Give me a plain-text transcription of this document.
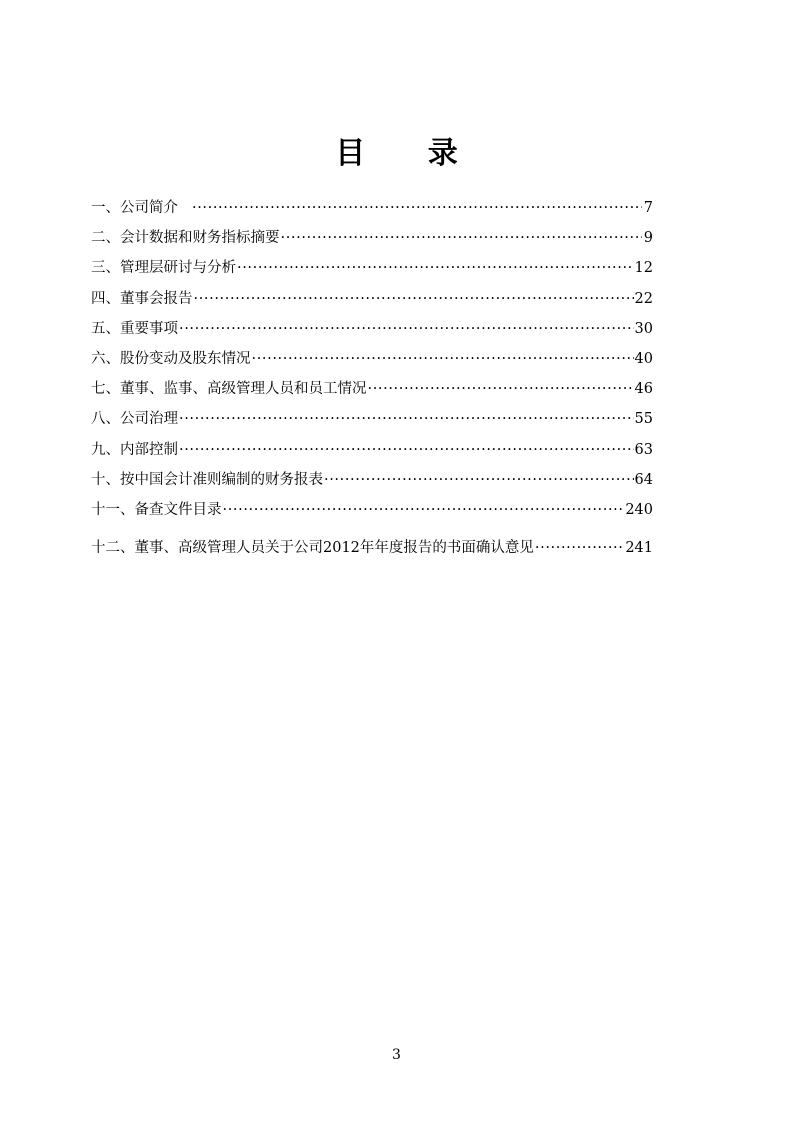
目 录
一、公司简介 ·····	7
二、会计数据和财务指标摘要 ·····	9
三、管理层研讨与分析 ·····	12
四、董事会报告 ·····	22
五、重要事项 ·····	30
六、股份变动及股东情况 ·····	40
七、董事、监事、高级管理人员和员工情况 ·····	46
八、公司治理 ·····	55
九、内部控制 ·····	63
十、按中国会计准则编制的财务报表 ·····	64
十一、备查文件目录 ·····	240
十二、董事、高级管理人员关于公司2012年年度报告的书面确认意见 ·····	241
3
